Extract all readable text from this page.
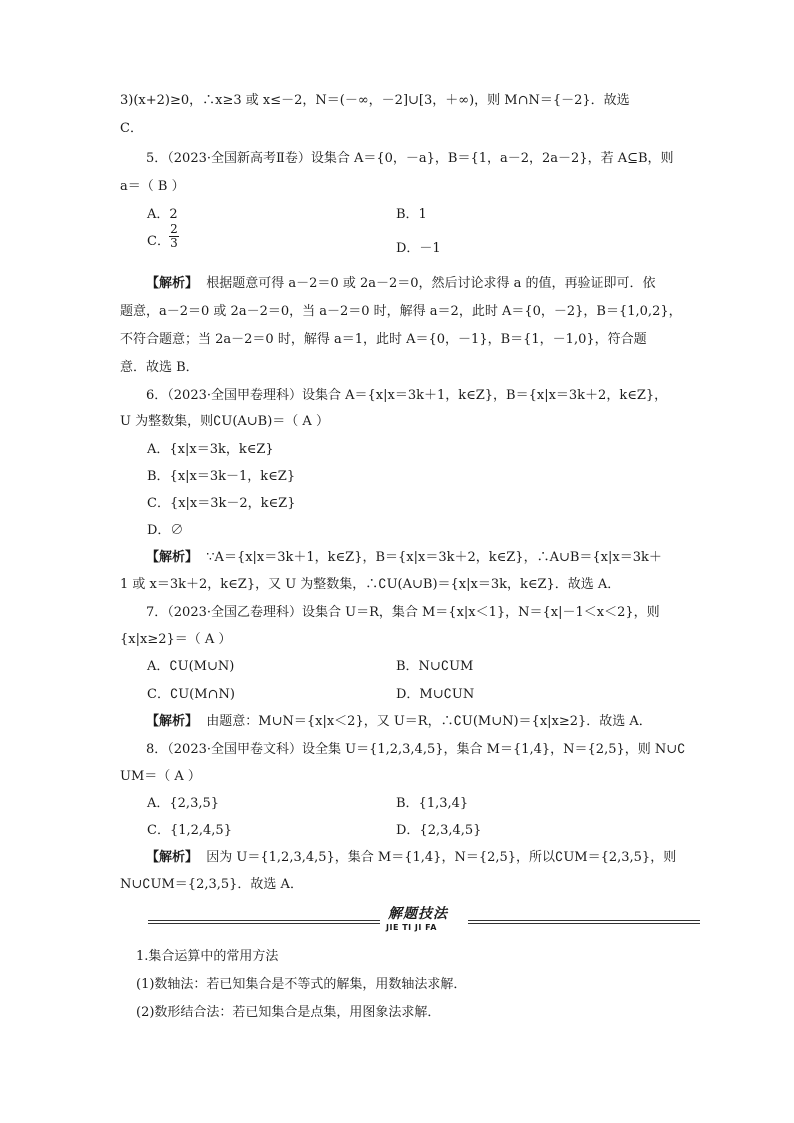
3)(x+2)≥0，∴x≥3 或 x≤－2，N＝(－∞，－2]∪[3，＋∞)，则 M∩N＝{－2}．故选
C．
5．（2023·全国新高考Ⅱ卷）设集合 A＝{0，－a}，B＝{1，a－2，2a－2}，若 A⊆B，则
a＝（ B ）
A．2	B．1
C． $\frac{2}{3}$	D．－1
【解析】 根据题意可得 a－2＝0 或 2a－2＝0，然后讨论求得 a 的值，再验证即可．依
题意，a－2＝0 或 2a－2＝0，当 a－2＝0 时，解得 a＝2，此时 A＝{0，－2}，B＝{1,0,2}，
不符合题意；当 2a－2＝0 时，解得 a＝1，此时 A＝{0，－1}，B＝{1，－1,0}，符合题
意．故选 B．
6．（2023·全国甲卷理科）设集合 A＝{x|x＝3k＋1，k∈Z}，B＝{x|x＝3k＋2，k∈Z}，
U 为整数集，则∁U(A∪B)＝（ A ）
A．{x|x＝3k，k∈Z}
B．{x|x＝3k－1，k∈Z}
C．{x|x＝3k－2，k∈Z}
D．∅
【解析】 ∵A＝{x|x＝3k＋1，k∈Z}，B＝{x|x＝3k＋2，k∈Z}，∴A∪B＝{x|x＝3k＋
1 或 x＝3k＋2，k∈Z}，又 U 为整数集，∴∁U(A∪B)＝{x|x＝3k，k∈Z}．故选 A．
7．（2023·全国乙卷理科）设集合 U＝R，集合 M＝{x|x＜1}，N＝{x|－1＜x＜2}，则
{x|x≥2}＝（ A ）
A．∁U(M∪N)	B．N∪∁UM
C．∁U(M∩N)	D．M∪∁UN
【解析】 由题意：M∪N＝{x|x＜2}，又 U＝R，∴∁U(M∪N)＝{x|x≥2}．故选 A．
8．（2023·全国甲卷文科）设全集 U＝{1,2,3,4,5}，集合 M＝{1,4}，N＝{2,5}，则 N∪∁
UM＝（ A ）
A．{2,3,5}	B．{1,3,4}
C．{1,2,4,5}	D．{2,3,4,5}
【解析】 因为 U＝{1,2,3,4,5}，集合 M＝{1,4}，N＝{2,5}，所以∁UM＝{2,3,5}，则
N∪∁UM＝{2,3,5}．故选 A．
解题技法
JIE TI JI FA
1.集合运算中的常用方法
(1)数轴法：若已知集合是不等式的解集，用数轴法求解．
(2)数形结合法：若已知集合是点集，用图象法求解．
